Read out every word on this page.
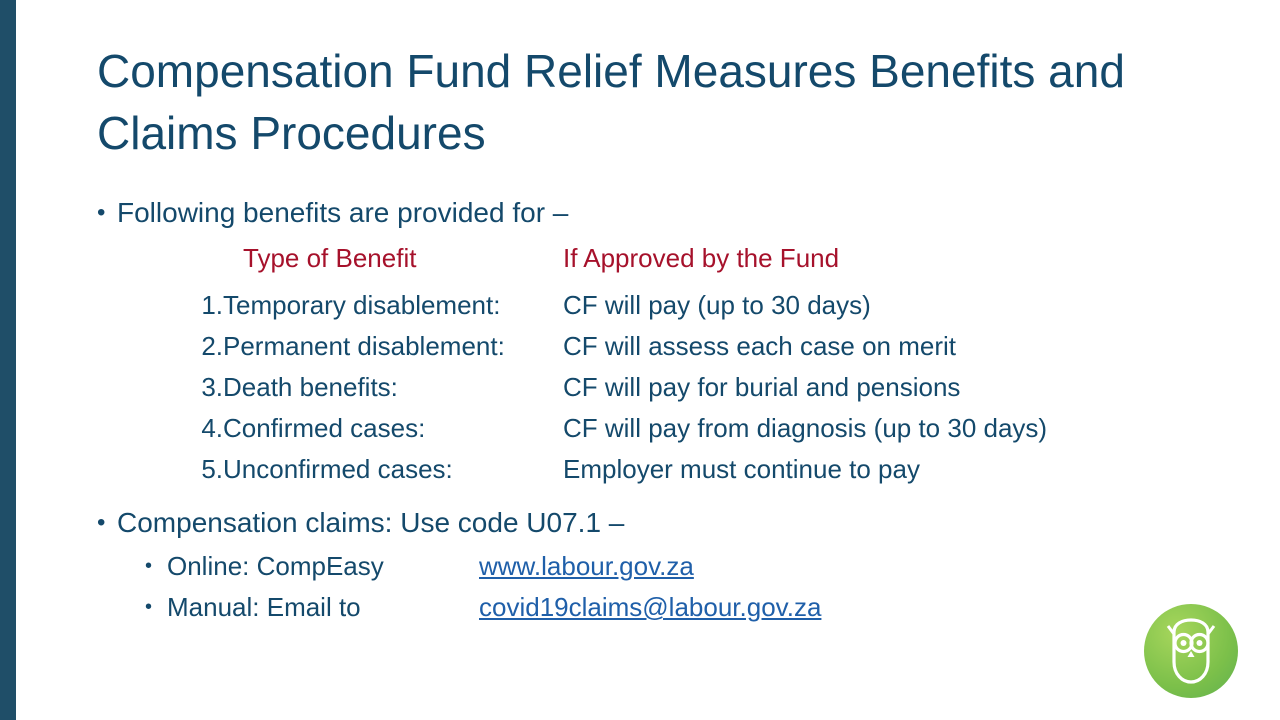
Compensation Fund Relief Measures Benefits and Claims Procedures
• Following benefits are provided for –
	Type of Benefit	If Approved by the Fund
1.	Temporary disablement:	CF will pay (up to 30 days)
2.	Permanent disablement:	CF will assess each case on merit
3.	Death benefits:	CF will pay for burial and pensions
4.	Confirmed cases:	CF will pay from diagnosis (up to 30 days)
5.	Unconfirmed cases:	Employer must continue to pay
• Compensation claims: Use code U07.1 –
• Online: CompEasy	www.labour.gov.za
• Manual: Email to	covid19claims@labour.gov.za
